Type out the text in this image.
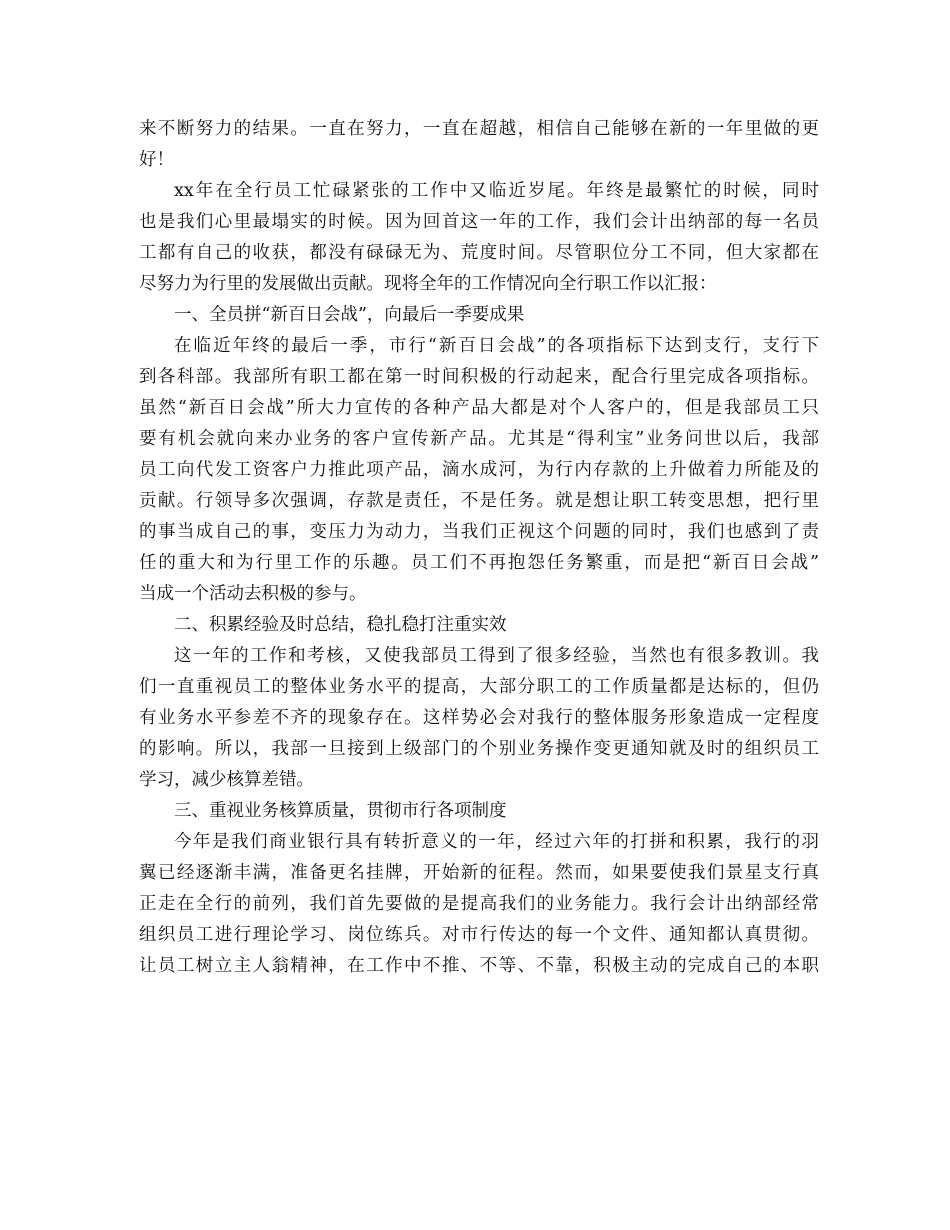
来不断努力的结果。一直在努力，一直在超越，相信自己能够在新的一年里做的更
好！
xx年在全行员工忙碌紧张的工作中又临近岁尾。年终是最繁忙的时候，同时
也是我们心里最塌实的时候。因为回首这一年的工作，我们会计出纳部的每一名员
工都有自己的收获，都没有碌碌无为、荒度时间。尽管职位分工不同，但大家都在
尽努力为行里的发展做出贡献。现将全年的工作情况向全行职工作以汇报：
一、全员拼“新百日会战”，向最后一季要成果
在临近年终的最后一季，市行“新百日会战”的各项指标下达到支行，支行下
到各科部。我部所有职工都在第一时间积极的行动起来，配合行里完成各项指标。
虽然“新百日会战”所大力宣传的各种产品大都是对个人客户的，但是我部员工只
要有机会就向来办业务的客户宣传新产品。尤其是“得利宝”业务问世以后，我部
员工向代发工资客户力推此项产品，滴水成河，为行内存款的上升做着力所能及的
贡献。行领导多次强调，存款是责任，不是任务。就是想让职工转变思想，把行里
的事当成自己的事，变压力为动力，当我们正视这个问题的同时，我们也感到了责
任的重大和为行里工作的乐趣。员工们不再抱怨任务繁重，而是把“新百日会战”
当成一个活动去积极的参与。
二、积累经验及时总结，稳扎稳打注重实效
这一年的工作和考核，又使我部员工得到了很多经验，当然也有很多教训。我
们一直重视员工的整体业务水平的提高，大部分职工的工作质量都是达标的，但仍
有业务水平参差不齐的现象存在。这样势必会对我行的整体服务形象造成一定程度
的影响。所以，我部一旦接到上级部门的个别业务操作变更通知就及时的组织员工
学习，减少核算差错。
三、重视业务核算质量，贯彻市行各项制度
今年是我们商业银行具有转折意义的一年，经过六年的打拼和积累，我行的羽
翼已经逐渐丰满，准备更名挂牌，开始新的征程。然而，如果要使我们景星支行真
正走在全行的前列，我们首先要做的是提高我们的业务能力。我行会计出纳部经常
组织员工进行理论学习、岗位练兵。对市行传达的每一个文件、通知都认真贯彻。
让员工树立主人翁精神，在工作中不推、不等、不靠，积极主动的完成自己的本职
